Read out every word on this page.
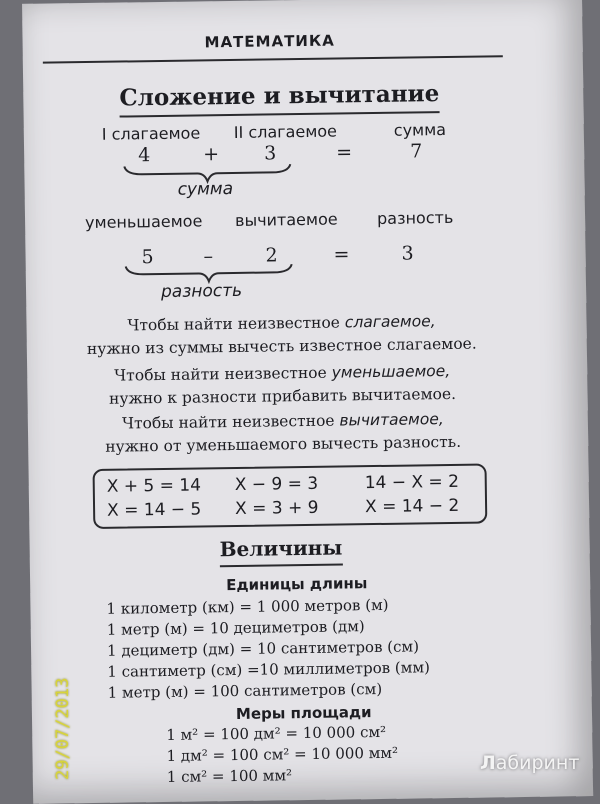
МАТЕМАТИКА
Сложение и вычитание
I слагаемое II слагаемое	сумма
4	+ 3	=	7
сумма
уменьшаемое вычитаемое разность
5	–	2	=	3
разность
Чтобы найти неизвестное слагаемое,
нужно из суммы вычесть известное слагаемое.
Чтобы найти неизвестное уменьшаемое,
нужно к разности прибавить вычитаемое.
Чтобы найти неизвестное вычитаемое,
нужно от уменьшаемого вычесть разность.
X + 5 = 14
X = 14 − 5
X − 9 = 3
X = 3 + 9
14 − X = 2
X = 14 − 2
Величины
Единицы длины
1 километр (км) = 1 000 метров (м)
1 метр (м) = 10 дециметров (дм)
1 дециметр (дм) = 10 сантиметров (см)
1 сантиметр (см) =10 миллиметров (мм)
1 метр (м) = 100 сантиметров (см)
Меры площади
1 м² = 100 дм² = 10 000 см²
1 дм² = 100 см² = 10 000 мм²
1 см² = 100 мм²
29/07/2013	Лабиринт
